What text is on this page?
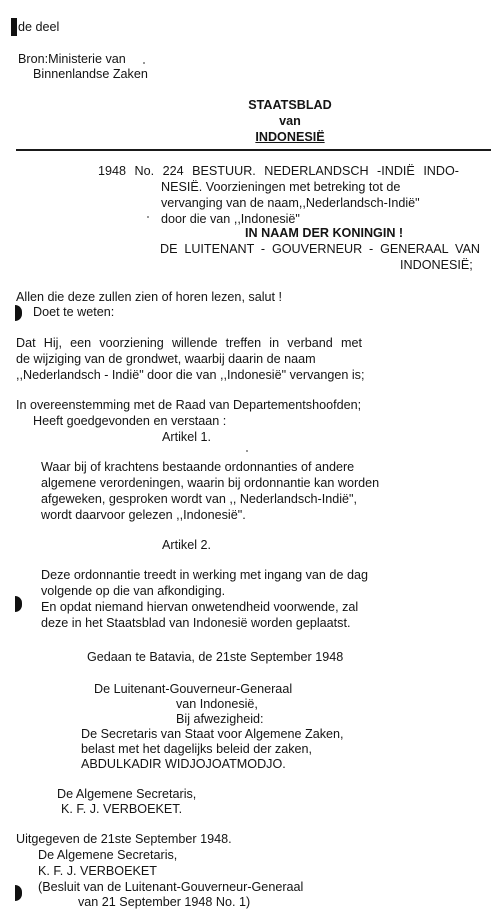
de deel
Bron:Ministerie van
Binnenlandse Zaken
STAATSBLAD
van
INDONESIË
1948 No. 224 BESTUUR. NEDERLANDSCH -INDIË INDO-
NESIË. Voorzieningen met betreking tot de
vervanging van de naam,,Nederlandsch-Indië"
door die van ,,Indonesië"
IN NAAM DER KONINGIN !
DE LUITENANT - GOUVERNEUR - GENERAAL VAN
INDONESIË;
Allen die deze zullen zien of horen lezen, salut !
Doet te weten:
Dat Hij, een voorziening willende treffen in verband met
de wijziging van de grondwet, waarbij daarin de naam
,,Nederlandsch - Indië" door die van ,,Indonesië" vervangen is;
In overeenstemming met de Raad van Departementshoofden;
Heeft goedgevonden en verstaan :
Artikel 1.
Waar bij of krachtens bestaande ordonnanties of andere
algemene verordeningen, waarin bij ordonnantie kan worden
afgeweken, gesproken wordt van ,, Nederlandsch-Indië",
wordt daarvoor gelezen ,,Indonesië".
Artikel 2.
Deze ordonnantie treedt in werking met ingang van de dag
volgende op die van afkondiging.
En opdat niemand hiervan onwetendheid voorwende, zal
deze in het Staatsblad van Indonesië worden geplaatst.
Gedaan te Batavia, de 21ste September 1948
De Luitenant-Gouverneur-Generaal
van Indonesië,
Bij afwezigheid:
De Secretaris van Staat voor Algemene Zaken,
belast met het dagelijks beleid der zaken,
ABDULKADIR WIDJOJOATMODJO.
De Algemene Secretaris,
K. F. J. VERBOEKET.
Uitgegeven de 21ste September 1948.
De Algemene Secretaris,
K. F. J. VERBOEKET
(Besluit van de Luitenant-Gouverneur-Generaal
van 21 September 1948 No. 1)
